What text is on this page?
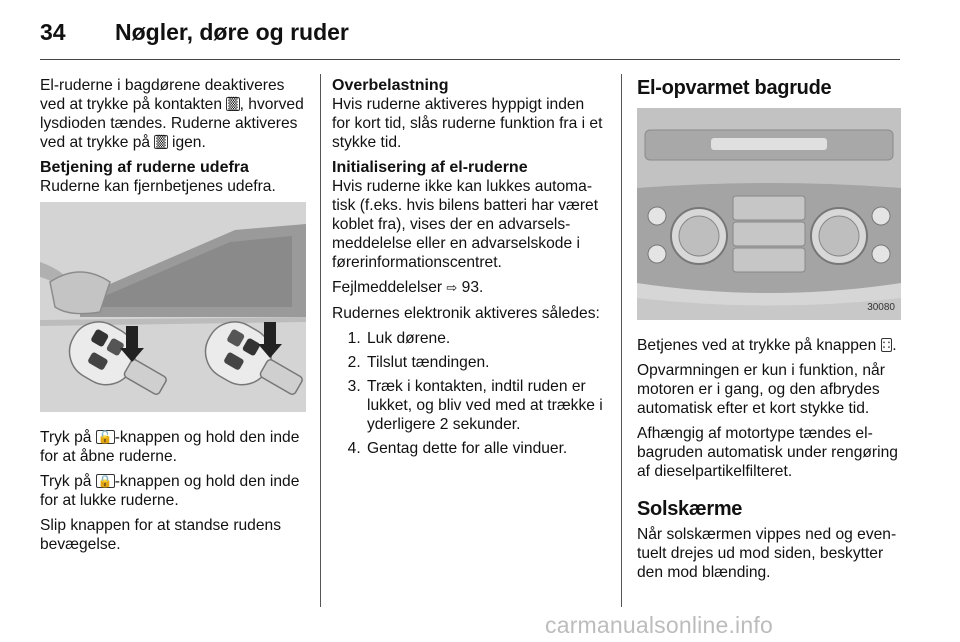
34	Nøgler, døre og ruder

El-ruderne i bagdørene deaktiveres ved at trykke på kontakten ▒ , hvorved lysdioden tændes. Ruderne aktiveres ved at trykke på ▒ igen.

Betjening af ruderne udefra

Ruderne kan fjernbetjenes udefra.

Tryk på 🔓 -knappen og hold den inde for at åbne ruderne.

Tryk på 🔒 -knappen og hold den inde for at lukke ruderne.

Slip knappen for at standse rudens bevægelse.

Overbelastning

Hvis ruderne aktiveres hyppigt inden for kort tid, slås ruderne funktion fra i et stykke tid.

Initialisering af el-ruderne

Hvis ruderne ikke kan lukkes automatisk (f.eks. hvis bilens batteri har været koblet fra), vises der en advarselsmeddelelse eller en advarselskode i førerinformationscentret.

Fejlmeddelelser ⇨ 93.

Rudernes elektronik aktiveres således:

1. Luk dørene.
2. Tilslut tændingen.
3. Træk i kontakten, indtil ruden er lukket, og bliv ved med at trække i yderligere 2 sekunder.
4. Gentag dette for alle vinduer.
El-opvarmet bagrude
30080

Betjenes ved at trykke på knappen ∷ .

Opvarmningen er kun i funktion, når motoren er i gang, og den afbrydes automatisk efter et kort stykke tid.

Afhængig af motortype tændes elbagruden automatisk under rengøring af dieselpartikelfilteret.

Solskærme

Når solskærmen vippes ned og eventuelt drejes ud mod siden, beskytter den mod blænding.

carmanualsonline.info
